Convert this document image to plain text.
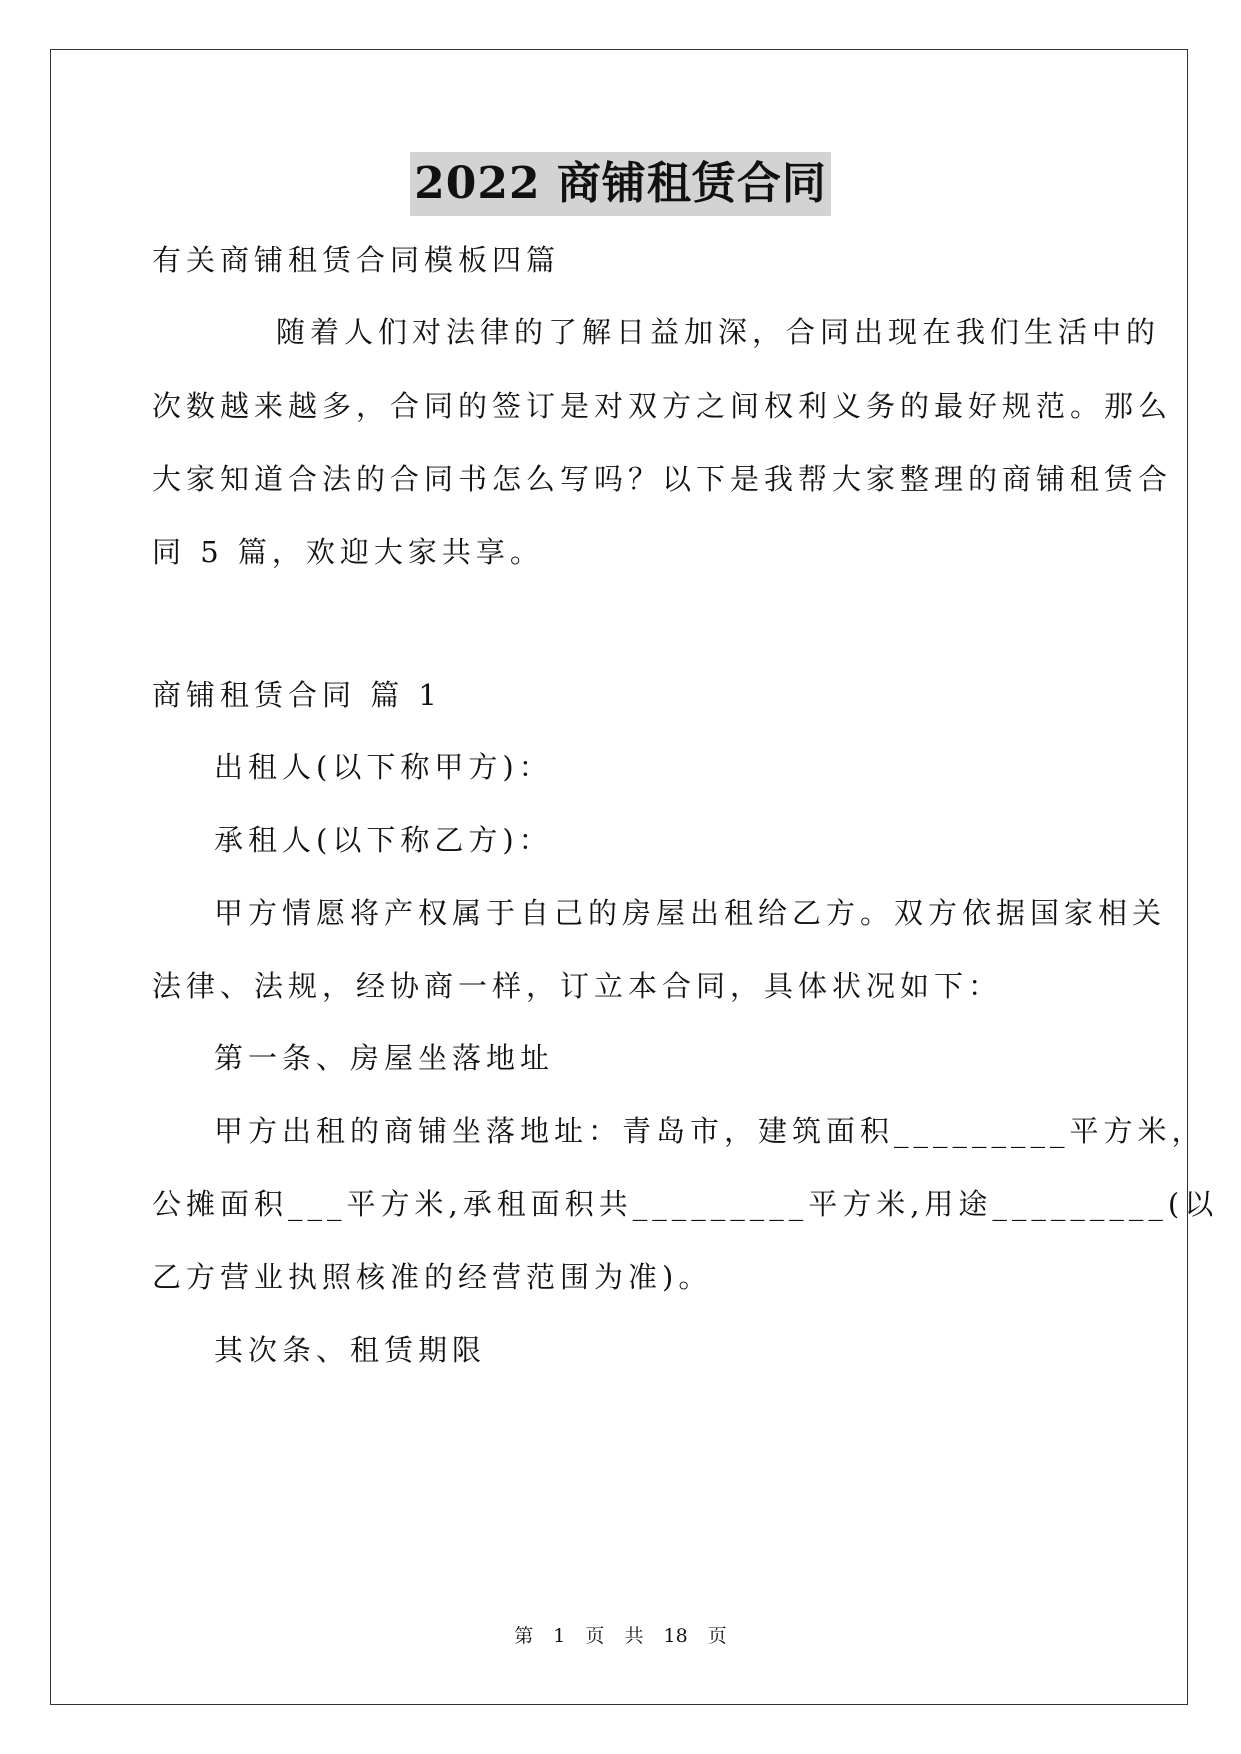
2022 商铺租赁合同
有关商铺租赁合同模板四篇
随着人们对法律的了解日益加深，合同出现在我们生活中的
次数越来越多，合同的签订是对双方之间权利义务的最好规范。那么
大家知道合法的合同书怎么写吗？以下是我帮大家整理的商铺租赁合
同 5 篇，欢迎大家共享。
商铺租赁合同 篇 1
出租人(以下称甲方)：
承租人(以下称乙方)：
甲方情愿将产权属于自己的房屋出租给乙方。双方依据国家相关
法律、法规，经协商一样，订立本合同，具体状况如下：
第一条、房屋坐落地址
甲方出租的商铺坐落地址：青岛市，建筑面积_________平方米，
公摊面积___平方米,承租面积共_________平方米,用途_________(以
乙方营业执照核准的经营范围为准)。
其次条、租赁期限
第 1 页 共 18 页
